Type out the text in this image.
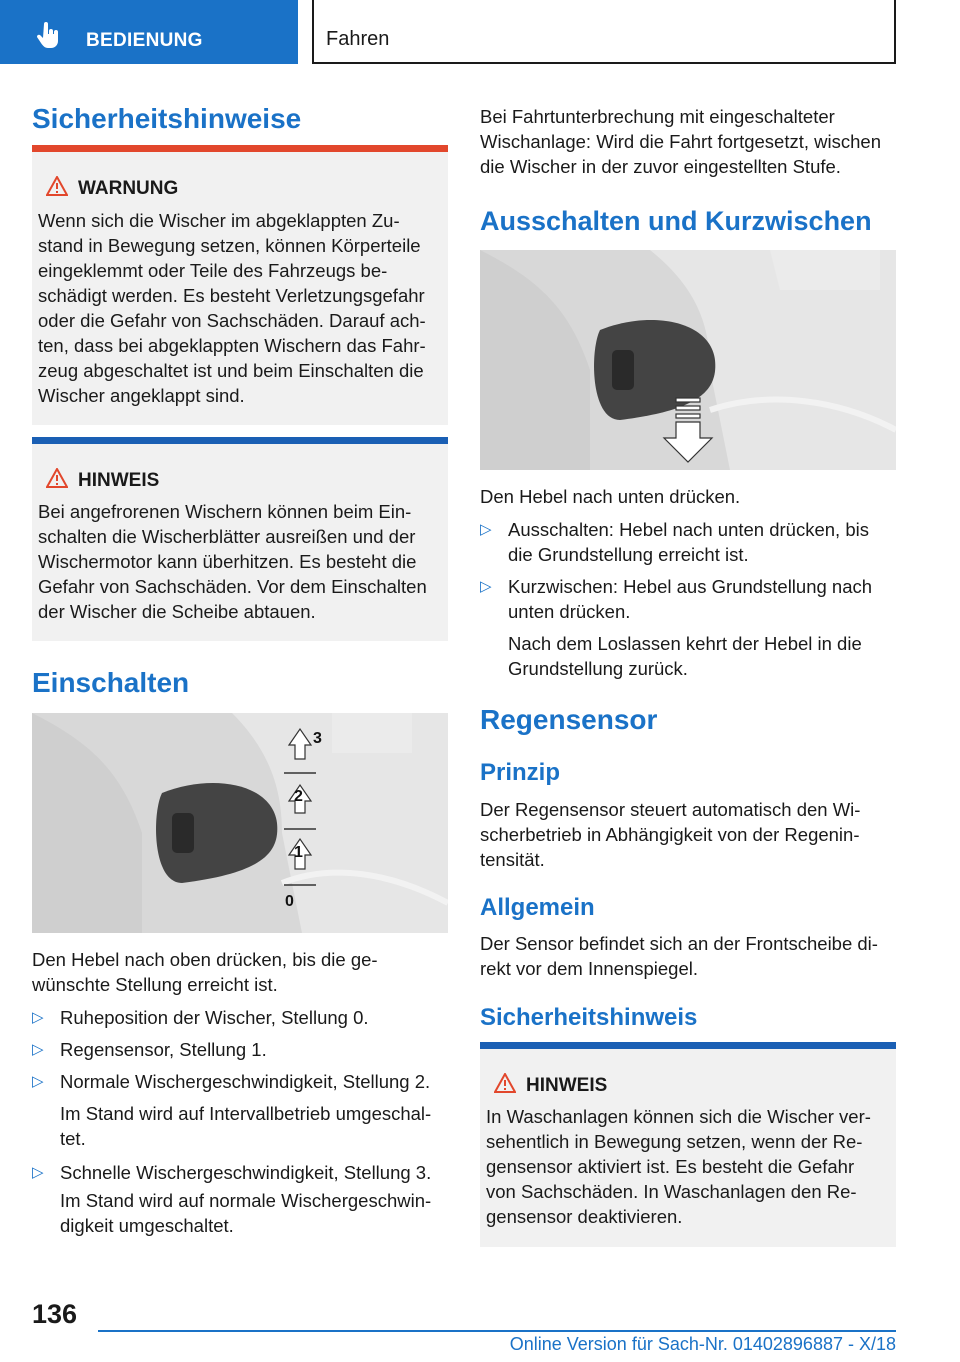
BEDIENUNG	Fahren
Sicherheitshinweise
WARNUNG
Wenn sich die Wischer im abgeklappten Zu-
stand in Bewegung setzen, können Körperteile
eingeklemmt oder Teile des Fahrzeugs be-
schädigt werden. Es besteht Verletzungsgefahr
oder die Gefahr von Sachschäden. Darauf ach-
ten, dass bei abgeklappten Wischern das Fahr-
zeug abgeschaltet ist und beim Einschalten die
Wischer angeklappt sind.
HINWEIS
Bei angefrorenen Wischern können beim Ein-
schalten die Wischerblätter ausreißen und der
Wischermotor kann überhitzen. Es besteht die
Gefahr von Sachschäden. Vor dem Einschalten
der Wischer die Scheibe abtauen.
Einschalten
3
2
1
0

Den Hebel nach oben drücken, bis die ge-
wünschte Stellung erreicht ist.

▷ Ruheposition der Wischer, Stellung 0.
▷ Regensensor, Stellung 1.
▷ Normale Wischergeschwindigkeit, Stellung 2.
Im Stand wird auf Intervallbetrieb umgeschal-
tet.
▷ Schnelle Wischergeschwindigkeit, Stellung 3.
Im Stand wird auf normale Wischergeschwin-
digkeit umgeschaltet.

Bei Fahrtunterbrechung mit eingeschalteter
Wischanlage: Wird die Fahrt fortgesetzt, wischen
die Wischer in der zuvor eingestellten Stufe.

Ausschalten und Kurzwischen

Den Hebel nach unten drücken.

▷ Ausschalten: Hebel nach unten drücken, bis
die Grundstellung erreicht ist.
▷ Kurzwischen: Hebel aus Grundstellung nach
unten drücken.
Nach dem Loslassen kehrt der Hebel in die
Grundstellung zurück.
Regensensor
Prinzip

Der Regensensor steuert automatisch den Wi-
scherbetrieb in Abhängigkeit von der Regenin-
tensität.

Allgemein

Der Sensor befindet sich an der Frontscheibe di-
rekt vor dem Innenspiegel.

Sicherheitshinweis
HINWEIS
In Waschanlagen können sich die Wischer ver-
sehentlich in Bewegung setzen, wenn der Re-
gensensor aktiviert ist. Es besteht die Gefahr
von Sachschäden. In Waschanlagen den Re-
gensensor deaktivieren.
136
Online Version für Sach-Nr. 01402896887 - X/18
